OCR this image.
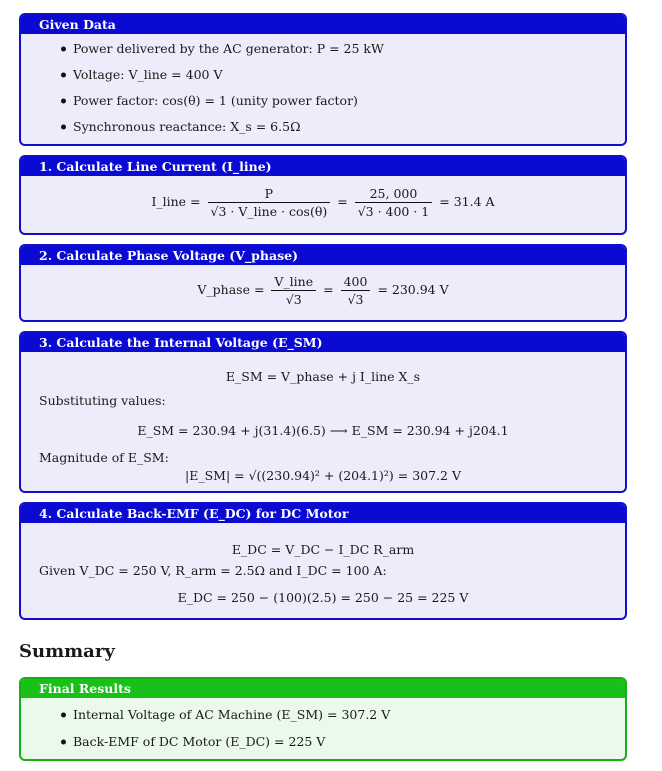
Given Data
Power delivered by the AC generator: P = 25 kW
Voltage: V_line = 400 V
Power factor: cos(θ) = 1 (unity power factor)
Synchronous reactance: X_s = 6.5Ω
1. Calculate Line Current (I_line)
I_line = $\frac{P}{\text{√3 · V\_line · cos(θ)}} = \frac{25, 000}{√3 \cdot 400 \cdot 1} = 31.4$ A
2. Calculate Phase Voltage (V_phase)
V_phase = $\frac{\text{V\_line}}{√3} = \frac{400}{√3} = 230.94$ V
3. Calculate the Internal Voltage (E_SM)
E_SM = V_phase + j I_line X_s
Substituting values:
E_SM = 230.94 + j(31.4)(6.5) ⟶ E_SM = 230.94 + j204.1
Magnitude of E_SM:
|E_SM| = √((230.94)² + (204.1)²) = 307.2 V
4. Calculate Back-EMF (E_DC) for DC Motor
E_DC = V_DC − I_DC R_arm
Given V_DC = 250 V, R_arm = 2.5Ω and I_DC = 100 A:
E_DC = 250 − (100)(2.5) = 250 − 25 = 225 V
Summary
Final Results
Internal Voltage of AC Machine (E_SM) = 307.2 V
Back-EMF of DC Motor (E_DC) = 225 V
